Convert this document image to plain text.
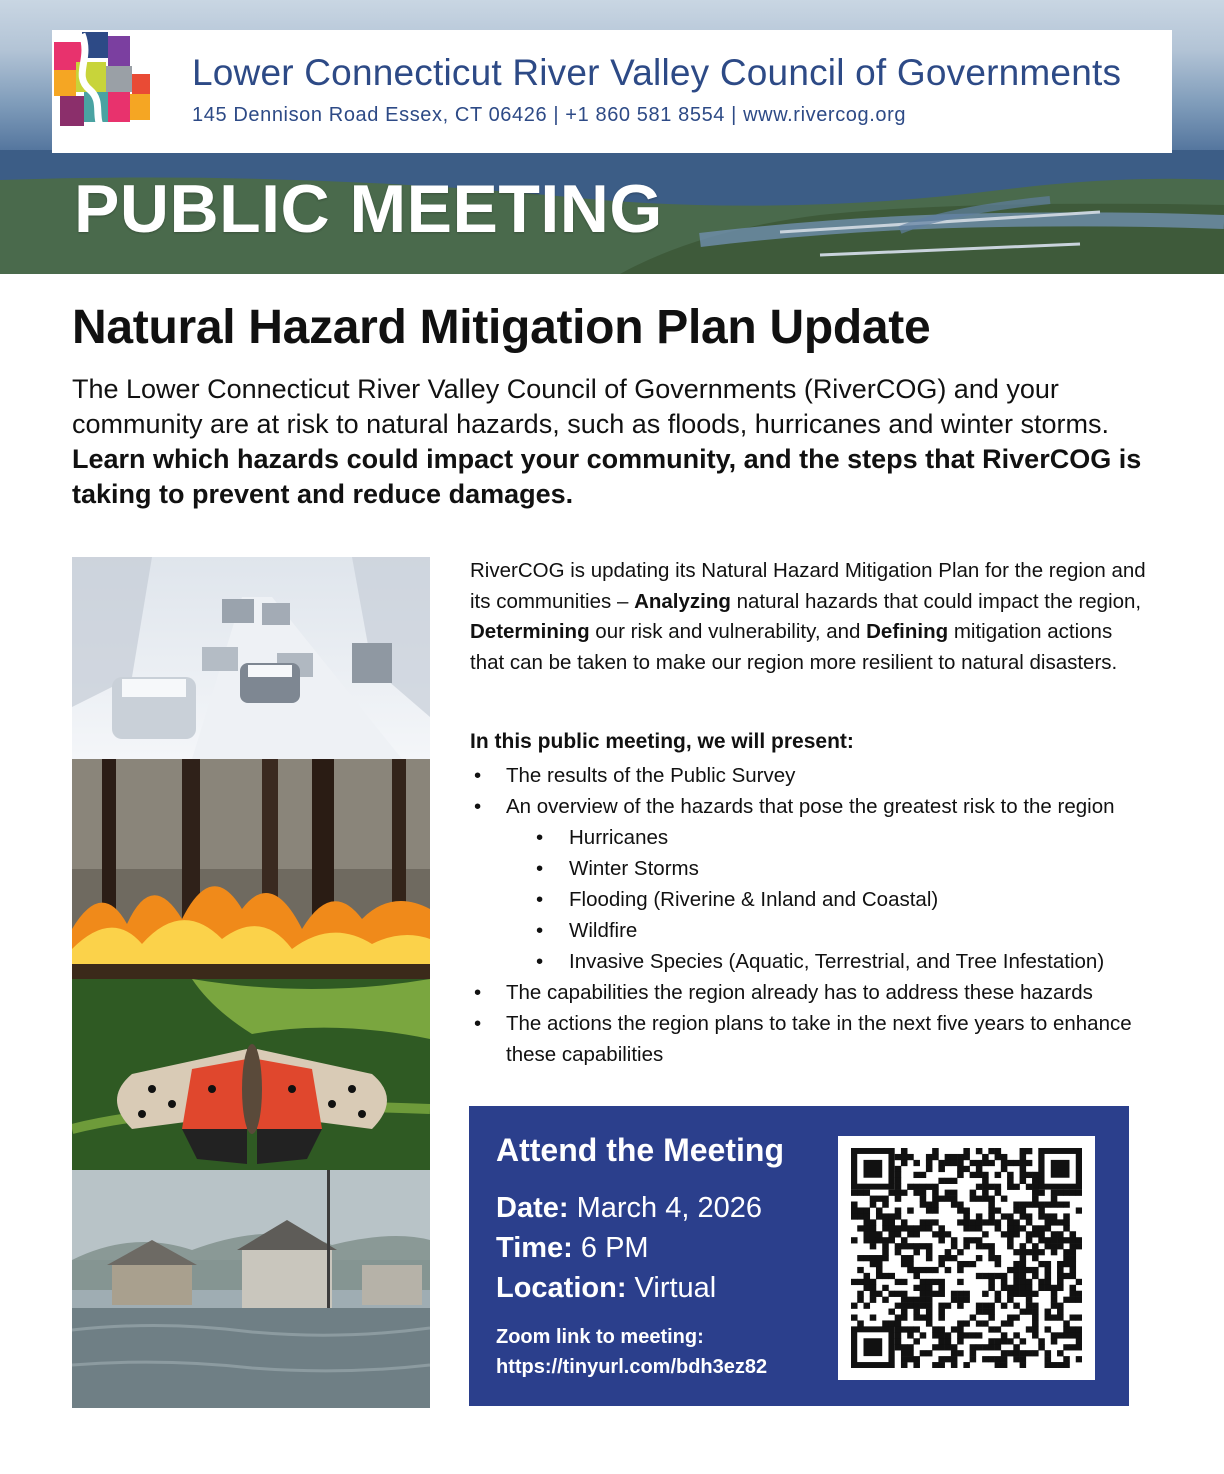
Lower Connecticut River Valley Council of Governments
145 Dennison Road Essex, CT 06426 | +1 860 581 8554 | www.rivercog.org
PUBLIC MEETING
Natural Hazard Mitigation Plan Update
The Lower Connecticut River Valley Council of Governments (RiverCOG) and your community are at risk to natural hazards, such as floods, hurricanes and winter storms. Learn which hazards could impact your community, and the steps that RiverCOG is taking to prevent and reduce damages.
RiverCOG is updating its Natural Hazard Mitigation Plan for the region and its communities – Analyzing natural hazards that could impact the region, Determining our risk and vulnerability, and Defining mitigation actions that can be taken to make our region more resilient to natural disasters.
In this public meeting, we will present:
• The results of the Public Survey
• An overview of the hazards that pose the greatest risk to the region
• Hurricanes
• Winter Storms
• Flooding (Riverine & Inland and Coastal)
• Wildfire
• Invasive Species (Aquatic, Terrestrial, and Tree Infestation)
• The capabilities the region already has to address these hazards
• The actions the region plans to take in the next five years to enhance these capabilities
Attend the Meeting
Date: March 4, 2026
Time: 6 PM
Location: Virtual
Zoom link to meeting:
https://tinyurl.com/bdh3ez82
